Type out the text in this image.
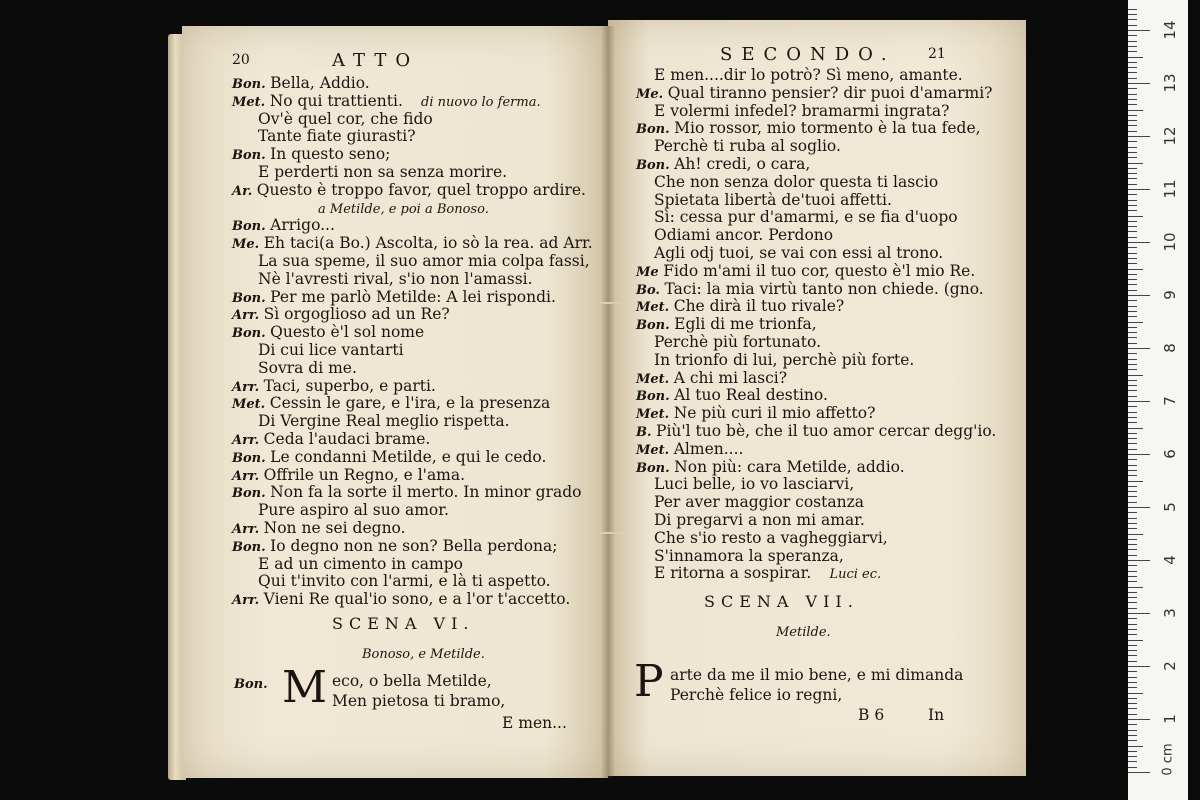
20	ATTO
Bon. Bella, Addio.
Met. No qui trattienti. di nuovo lo ferma.
Ov'è quel cor, che fido
Tante fiate giurasti?
Bon. In questo seno;
E perderti non sa senza morire.
Ar. Questo è troppo favor, quel troppo ardire.
a Metilde, e poi a Bonoso.
Bon. Arrigo...
Me. Eh taci(a Bo.) Ascolta, io sò la rea. ad Arr.
La sua speme, il suo amor mia colpa fassi,
Nè l'avresti rival, s'io non l'amassi.
Bon. Per me parlò Metilde: A lei rispondi.
Arr. Sì orgoglioso ad un Re?
Bon. Questo è'l sol nome
Di cui lice vantarti
Sovra di me.
Arr. Taci, superbo, e parti.
Met. Cessin le gare, e l'ira, e la presenza
Di Vergine Real meglio rispetta.
Arr. Ceda l'audaci brame.
Bon. Le condanni Metilde, e qui le cedo.
Arr. Offrile un Regno, e l'ama.
Bon. Non fa la sorte il merto. In minor grado
Pure aspiro al suo amor.
Arr. Non ne sei degno.
Bon. Io degno non ne son? Bella perdona;
E ad un cimento in campo
Qui t'invito con l'armi, e là ti aspetto.
Arr. Vieni Re qual'io sono, e a l'or t'accetto.
SCENA VI.
Bonoso, e Metilde.
Bon. M eco, o bella Metilde,
Men pietosa ti bramo,
E men...
SECONDO. 21
E men....dir lo potrò? Sì meno, amante.
Me. Qual tiranno pensier? dir puoi d'amarmi?
E volermi infedel? bramarmi ingrata?
Bon. Mio rossor, mio tormento è la tua fede,
Perchè ti ruba al soglio.
Bon. Ah! credi, o cara,
Che non senza dolor questa ti lascio
Spietata libertà de'tuoi affetti.
Sì: cessa pur d'amarmi, e se fia d'uopo
Odiami ancor. Perdono
Agli odj tuoi, se vai con essi al trono.
Me Fido m'ami il tuo cor, questo è'l mio Re.
Bo. Taci: la mia virtù tanto non chiede. (gno.
Met. Che dirà il tuo rivale?
Bon. Egli di me trionfa,
Perchè più fortunato.
In trionfo di lui, perchè più forte.
Met. A chi mi lasci?
Bon. Al tuo Real destino.
Met. Ne più curi il mio affetto?
B. Più'l tuo bè, che il tuo amor cercar degg'io.
Met. Almen....
Bon. Non più: cara Metilde, addio.
Luci belle, io vo lasciarvi,
Per aver maggior costanza
Di pregarvi a non mi amar.
Che s'io resto a vagheggiarvi,
S'innamora la speranza,
E ritorna a sospirar. Luci ec.
SCENA VII.
Metilde.
P arte da me il mio bene, e mi dimanda
Perchè felice io regni,
B 6	In
0 cm
1
2
3
4
5
6
7
8
9
10
11
12
13
14
